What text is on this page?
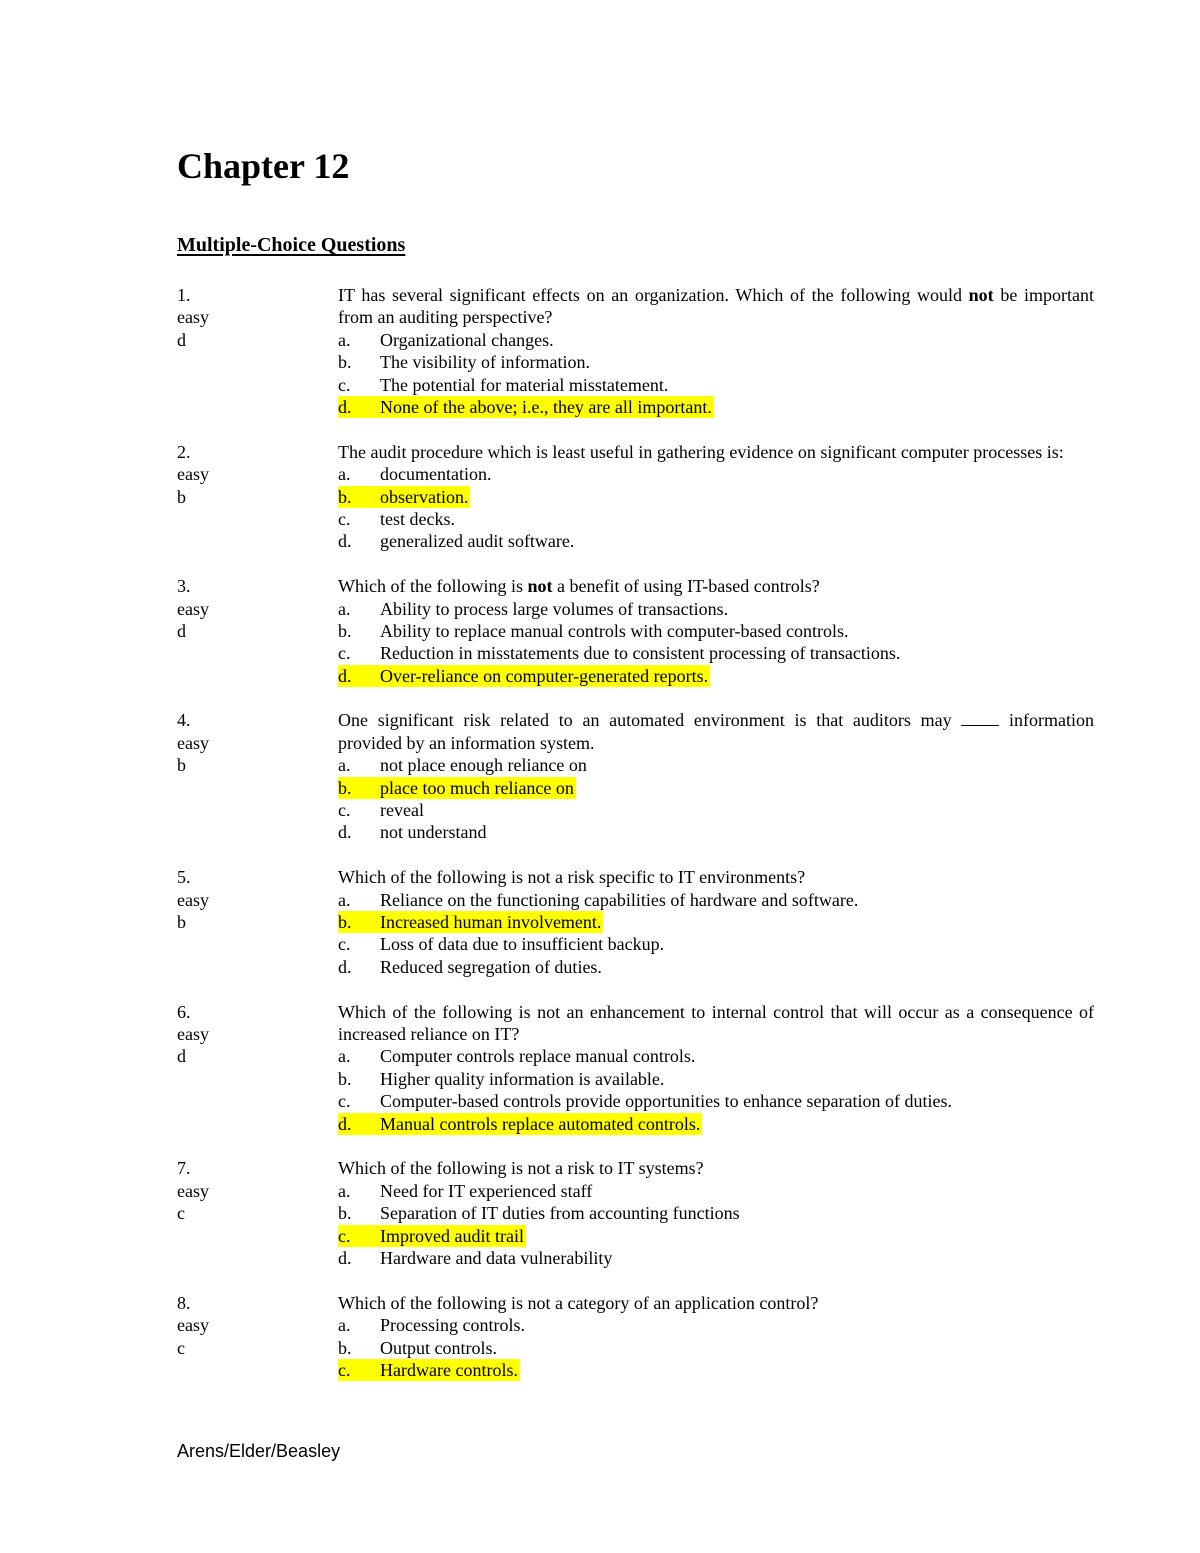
Chapter 12
Multiple-Choice Questions
1.
easy
d

IT has several significant effects on an organization. Which of the following would not be important from an auditing perspective?

a. Organizational changes.
b. The visibility of information.
c. The potential for material misstatement.
d. None of the above; i.e., they are all important.
2.
easy
b

The audit procedure which is least useful in gathering evidence on significant computer processes is:

a. documentation.
b. observation.
c. test decks.
d. generalized audit software.
3.
easy
d

Which of the following is not a benefit of using IT-based controls?

a. Ability to process large volumes of transactions.
b. Ability to replace manual controls with computer-based controls.
c. Reduction in misstatements due to consistent processing of transactions.
d. Over-reliance on computer-generated reports.
4.
easy
b

One significant risk related to an automated environment is that auditors may  information provided by an information system.

a. not place enough reliance on
b. place too much reliance on
c. reveal
d. not understand
5.
easy
b

Which of the following is not a risk specific to IT environments?

a. Reliance on the functioning capabilities of hardware and software.
b. Increased human involvement.
c. Loss of data due to insufficient backup.
d. Reduced segregation of duties.
6.
easy
d

Which of the following is not an enhancement to internal control that will occur as a consequence of increased reliance on IT?

a. Computer controls replace manual controls.
b. Higher quality information is available.
c. Computer-based controls provide opportunities to enhance separation of duties.
d. Manual controls replace automated controls.
7.
easy
c

Which of the following is not a risk to IT systems?

a. Need for IT experienced staff
b. Separation of IT duties from accounting functions
c. Improved audit trail
d. Hardware and data vulnerability
8.
easy
c

Which of the following is not a category of an application control?

a. Processing controls.
b. Output controls.
c. Hardware controls.
Arens/Elder/Beasley
